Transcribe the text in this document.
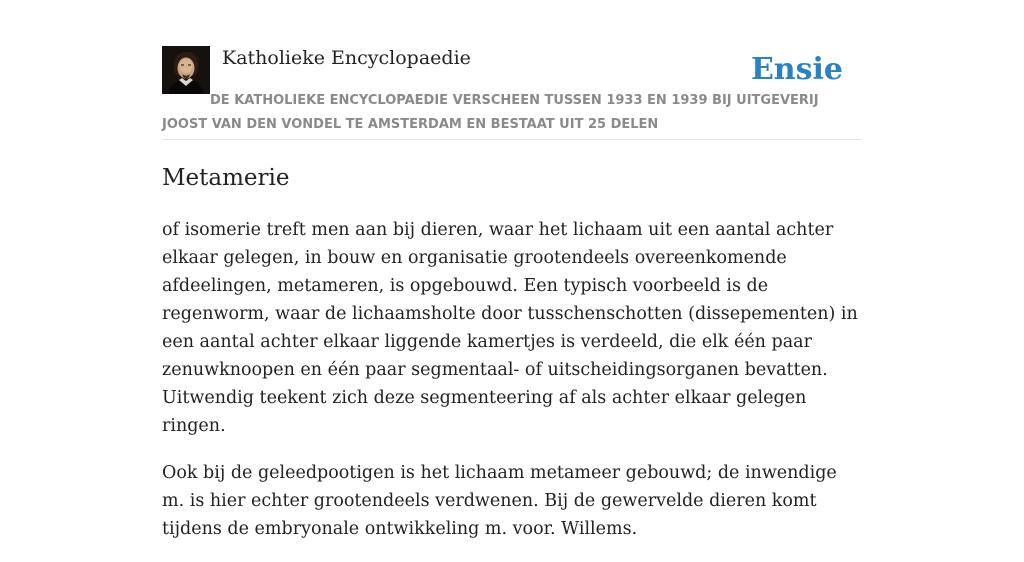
Katholieke Encyclopaedie	Ensie
DE KATHOLIEKE ENCYCLOPAEDIE VERSCHEEN TUSSEN 1933 EN 1939 BIJ UITGEVERIJ JOOST VAN DEN VONDEL TE AMSTERDAM EN BESTAAT UIT 25 DELEN
Metamerie

of isomerie treft men aan bij dieren, waar het lichaam uit een aantal achter elkaar gelegen, in bouw en organisatie grootendeels overeenkomende afdeelingen, metameren, is opgebouwd. Een typisch voorbeeld is de regenworm, waar de lichaamsholte door tusschenschotten (dissepementen) in een aantal achter elkaar liggende kamertjes is verdeeld, die elk één paar zenuwknoopen en één paar segmentaal- of uitscheidingsorganen bevatten. Uitwendig teekent zich deze segmenteering af als achter elkaar gelegen ringen.

Ook bij de geleedpootigen is het lichaam metameer gebouwd; de inwendige m. is hier echter grootendeels verdwenen. Bij de gewervelde dieren komt tijdens de embryonale ontwikkeling m. voor. Willems.
